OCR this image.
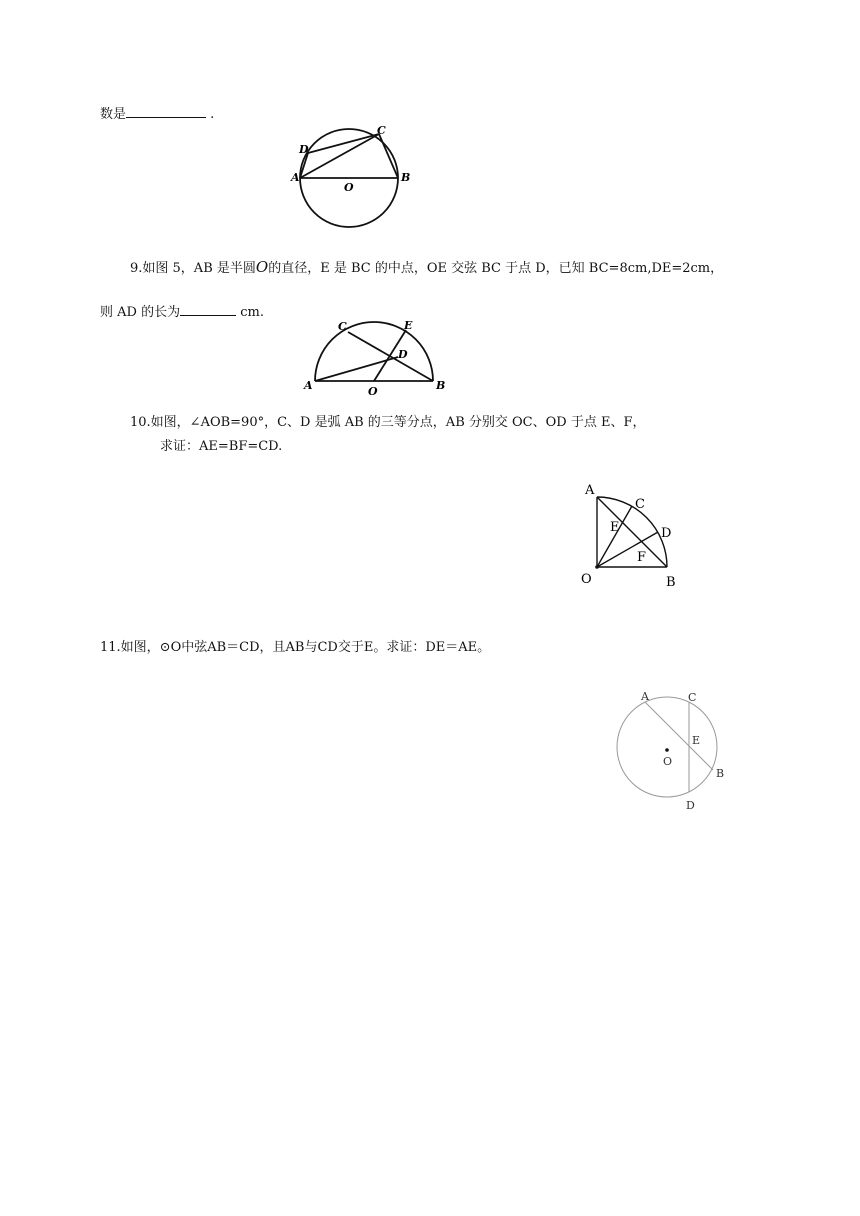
数是	.
C
D
A
O
B
9.如图 5，AB 是半圆O的直径，E 是 BC 的中点，OE 交弦 BC 于点 D，已知 BC=8cm,DE=2cm，
则 AD 的长为	cm.
C	E
D
A	O	B
10.如图，∠AOB=90°，C、D 是弧 AB 的三等分点，AB 分别交 OC、OD 于点 E、F，
求证：AE=BF=CD.
A
C
E	D
F
O	B
11.如图，⊙O中弦AB＝CD，且AB与CD交于E。求证：DE＝AE。
A	C
E
O
B
D
